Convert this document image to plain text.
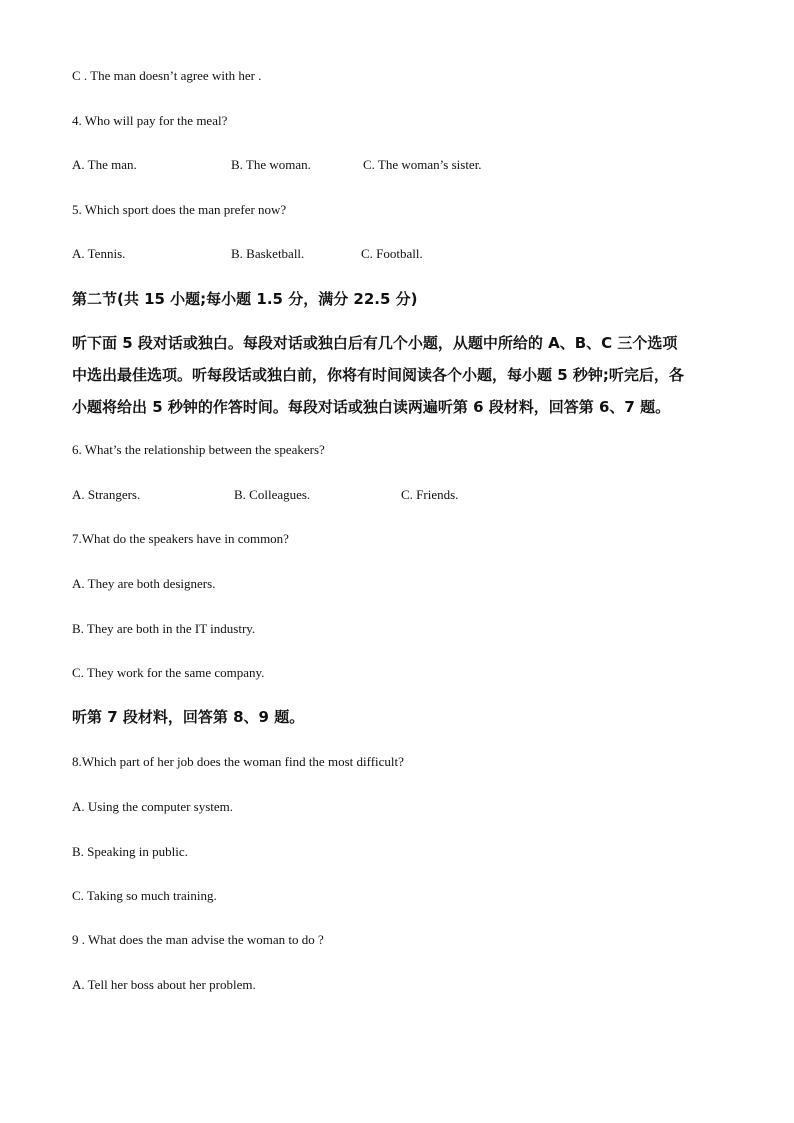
C . The man doesn’t agree with her .
4. Who will pay for the meal?
A. The man.	B. The woman.	C. The woman’s sister.
5. Which sport does the man prefer now?
A. Tennis.	B. Basketball.	C. Football.
第二节(共 15 小题;每小题 1.5 分，满分 22.5 分)
听下面 5 段对话或独白。每段对话或独白后有几个小题，从题中所给的 A、B、C 三个选项
中选出最佳选项。听每段话或独白前，你将有时间阅读各个小题，每小题 5 秒钟;听完后，各
小题将给出 5 秒钟的作答时间。每段对话或独白读两遍听第 6 段材料，回答第 6、7 题。
6. What’s the relationship between the speakers?
A. Strangers.	B. Colleagues.	C. Friends.
7.What do the speakers have in common?
A. They are both designers.
B. They are both in the IT industry.
C. They work for the same company.
听第 7 段材料，回答第 8、9 题。
8.Which part of her job does the woman find the most difficult?
A. Using the computer system.
B. Speaking in public.
C. Taking so much training.
9 . What does the man advise the woman to do ?
A. Tell her boss about her problem.
